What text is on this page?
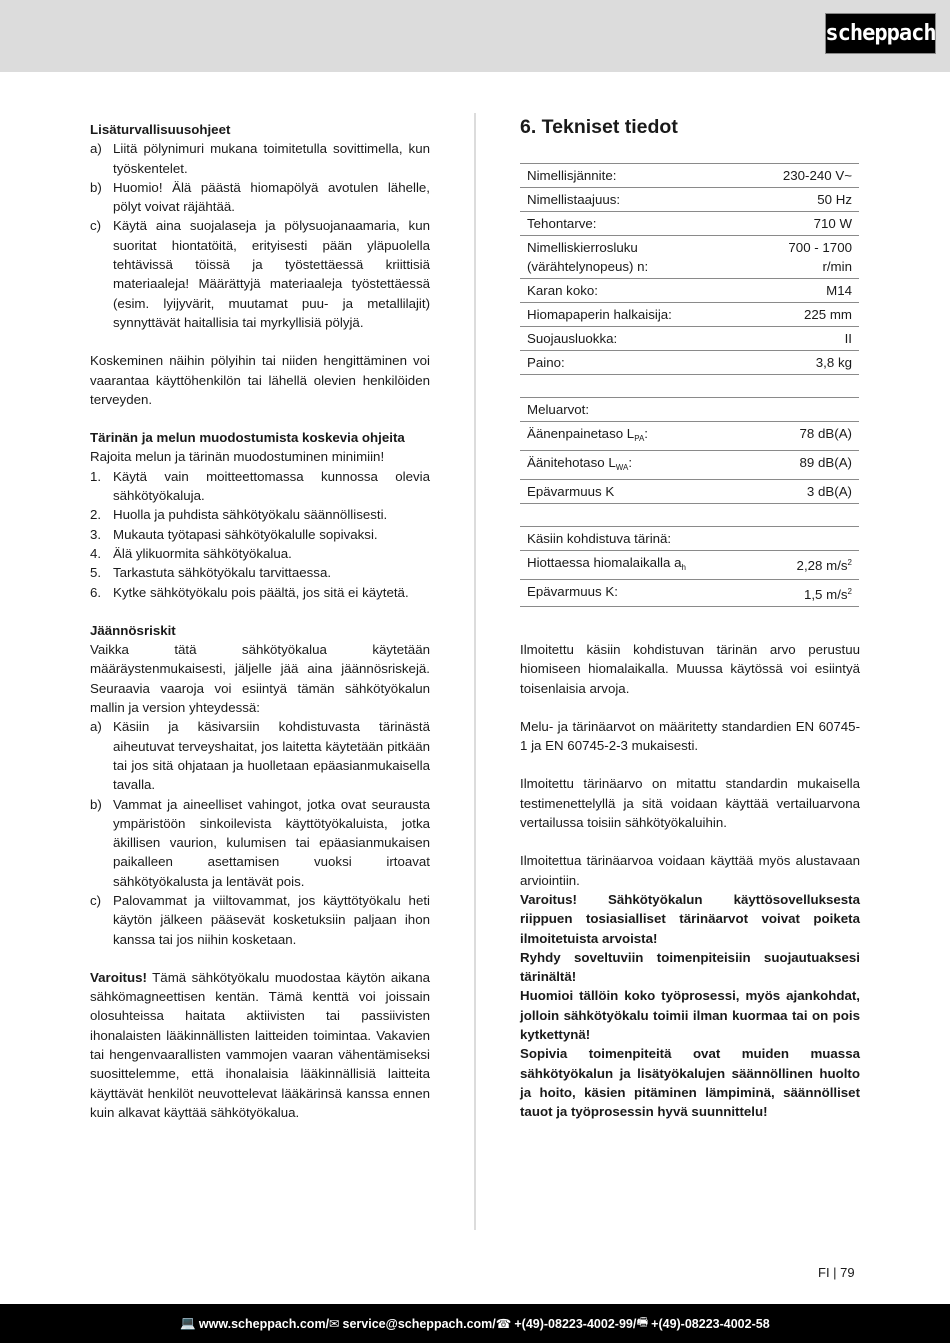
scheppach

Lisäturvallisuusohjeet

a) Liitä pölynimuri mukana toimitetulla sovittimella, kun työskentelet.
b) Huomio! Älä päästä hiomapölyä avotulen lähelle, pölyt voivat räjähtää.
c) Käytä aina suojalaseja ja pölysuojanaamaria, kun suoritat hiontatöitä, erityisesti pään yläpuolella tehtävissä töissä ja työstettäessä kriittisiä materiaaleja! Määrättyjä materiaaleja työstettäessä (esim. lyijyvärit, muutamat puu- ja metallilajit) synnyttävät haitallisia tai myrkyllisiä pölyjä.

Koskeminen näihin pölyihin tai niiden hengittäminen voi vaarantaa käyttöhenkilön tai lähellä olevien henkilöiden terveyden.

Tärinän ja melun muodostumista koskevia ohjeita

Rajoita melun ja tärinän muodostuminen minimiin!

1. Käytä vain moitteettomassa kunnossa olevia sähkötyökaluja.
2. Huolla ja puhdista sähkötyökalu säännöllisesti.
3. Mukauta työtapasi sähkötyökalulle sopivaksi.
4. Älä ylikuormita sähkötyökalua.
5. Tarkastuta sähkötyökalu tarvittaessa.
6. Kytke sähkötyökalu pois päältä, jos sitä ei käytetä.

Jäännösriskit

Vaikka tätä sähkötyökalua käytetään määräystenmukaisesti, jäljelle jää aina jäännösriskejä. Seuraavia vaaroja voi esiintyä tämän sähkötyökalun mallin ja version yhteydessä:

a) Käsiin ja käsivarsiin kohdistuvasta tärinästä aiheutuvat terveyshaitat, jos laitetta käytetään pitkään tai jos sitä ohjataan ja huolletaan epäasianmukaisella tavalla.
b) Vammat ja aineelliset vahingot, jotka ovat seurausta ympäristöön sinkoilevista käyttötyökaluista, jotka äkillisen vaurion, kulumisen tai epäasianmukaisen paikalleen asettamisen vuoksi irtoavat sähkötyökalusta ja lentävät pois.
c) Palovammat ja viiltovammat, jos käyttötyökalu heti käytön jälkeen pääsevät kosketuksiin paljaan ihon kanssa tai jos niihin kosketaan.

Varoitus! Tämä sähkötyökalu muodostaa käytön aikana sähkömagneettisen kentän. Tämä kenttä voi joissain olosuhteissa haitata aktiivisten tai passiivisten ihonalaisten lääkinnällisten laitteiden toimintaa. Vakavien tai hengenvaarallisten vammojen vaaran vähentämiseksi suosittelemme, että ihonalaisia lääkinnällisiä laitteita käyttävät henkilöt neuvottelevat lääkärinsä kanssa ennen kuin alkavat käyttää sähkötyökalua.

6. Tekniset tiedot
Nimellisjännite:	230-240 V~
Nimellistaajuus:	50 Hz
Tehontarve:	710 W
Nimelliskierrosluku (värähtelynopeus) n:	700 - 1700 r/min
Karan koko:	M14
Hiomapaperin halkaisija:	225 mm
Suojausluokka:	II
Paino:	3,8 kg
Meluarvot:	
Äänenpainetaso $L_{PA}$:	78 dB(A)
Äänitehotaso $L_{WA}$:	89 dB(A)
Epävarmuus K	3 dB(A)
Käsiin kohdistuva tärinä:	
Hiottaessa hiomalaikalla $a_h$	2,28 $m/s^2$
Epävarmuus K:	1,5 $m/s^2$

Ilmoitettu käsiin kohdistuvan tärinän arvo perustuu hiomiseen hiomalaikalla. Muussa käytössä voi esiintyä toisenlaisia arvoja.

Melu- ja tärinäarvot on määritetty standardien EN 60745-1 ja EN 60745-2-3 mukaisesti.

Ilmoitettu tärinäarvo on mitattu standardin mukaisella testimenettelyllä ja sitä voidaan käyttää vertailuarvona vertailussa toisiin sähkötyökaluihin.

Ilmoitettua tärinäarvoa voidaan käyttää myös alustavaan arviointiin.

Varoitus! Sähkötyökalun käyttösovelluksesta riippuen tosiasialliset tärinäarvot voivat poiketa ilmoitetuista arvoista!

Ryhdy soveltuviin toimenpiteisiin suojautuaksesi tärinältä!

Huomioi tällöin koko työprosessi, myös ajankohdat, jolloin sähkötyökalu toimii ilman kuormaa tai on pois kytkettynä!

Sopivia toimenpiteitä ovat muiden muassa sähkötyökalun ja lisätyökalujen säännöllinen huolto ja hoito, käsien pitäminen lämpiminä, säännölliset tauot ja työprosessin hyvä suunnittelu!

FI | 79
💻 www.scheppach.com / ✉ service@scheppach.com / ☎ +(49)-08223-4002-99 / 🖷 +(49)-08223-4002-58
